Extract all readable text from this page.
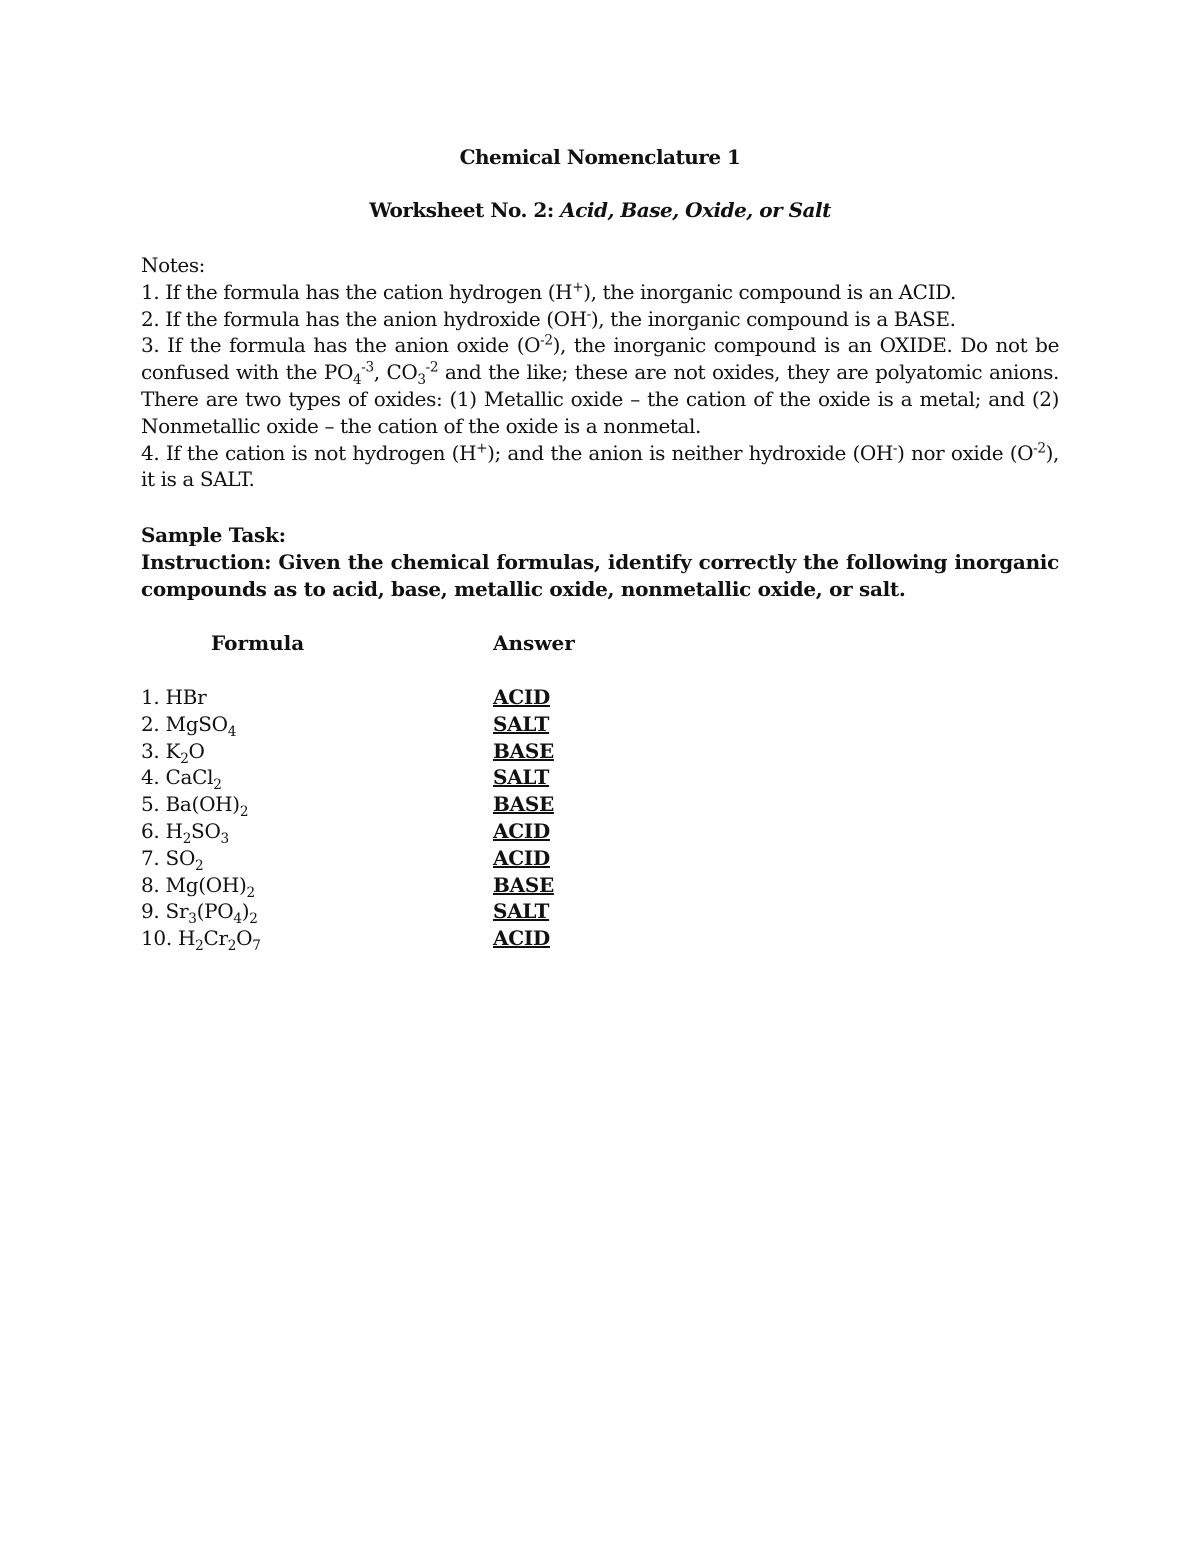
Chemical Nomenclature 1
Worksheet No. 2: Acid, Base, Oxide, or Salt

Notes:

1. If the formula has the cation hydrogen (H+), the inorganic compound is an ACID.

2. If the formula has the anion hydroxide (OH-), the inorganic compound is a BASE.

3. If the formula has the anion oxide $(O^{-2})$, the inorganic compound is an OXIDE. Do not be confused with the $PO_4^{-3}$, $CO_3^{-2}$ and the like; these are not oxides, they are polyatomic anions. There are two types of oxides: (1) Metallic oxide – the cation of the oxide is a metal; and (2) Nonmetallic oxide – the cation of the oxide is a nonmetal.

4. If the cation is not hydrogen (H+); and the anion is neither hydroxide (OH-) nor oxide $(O^{-2})$, it is a SALT.

Sample Task:

Instruction: Given the chemical formulas, identify correctly the following inorganic compounds as to acid, base, metallic oxide, nonmetallic oxide, or salt.

Formula	Answer
1. HBr	ACID
2. MgSO$_4$	SALT
3. $K_2O$	BASE
4. CaCl$_2$	SALT
5. $Ba(OH)_2$	BASE
6. $H_2SO_3$	ACID
7. $SO_2$	ACID
8. $Mg(OH)_2$	BASE
9. $Sr_3(PO_4)_2$	SALT
10. $H_2Cr_2O_7$	ACID
